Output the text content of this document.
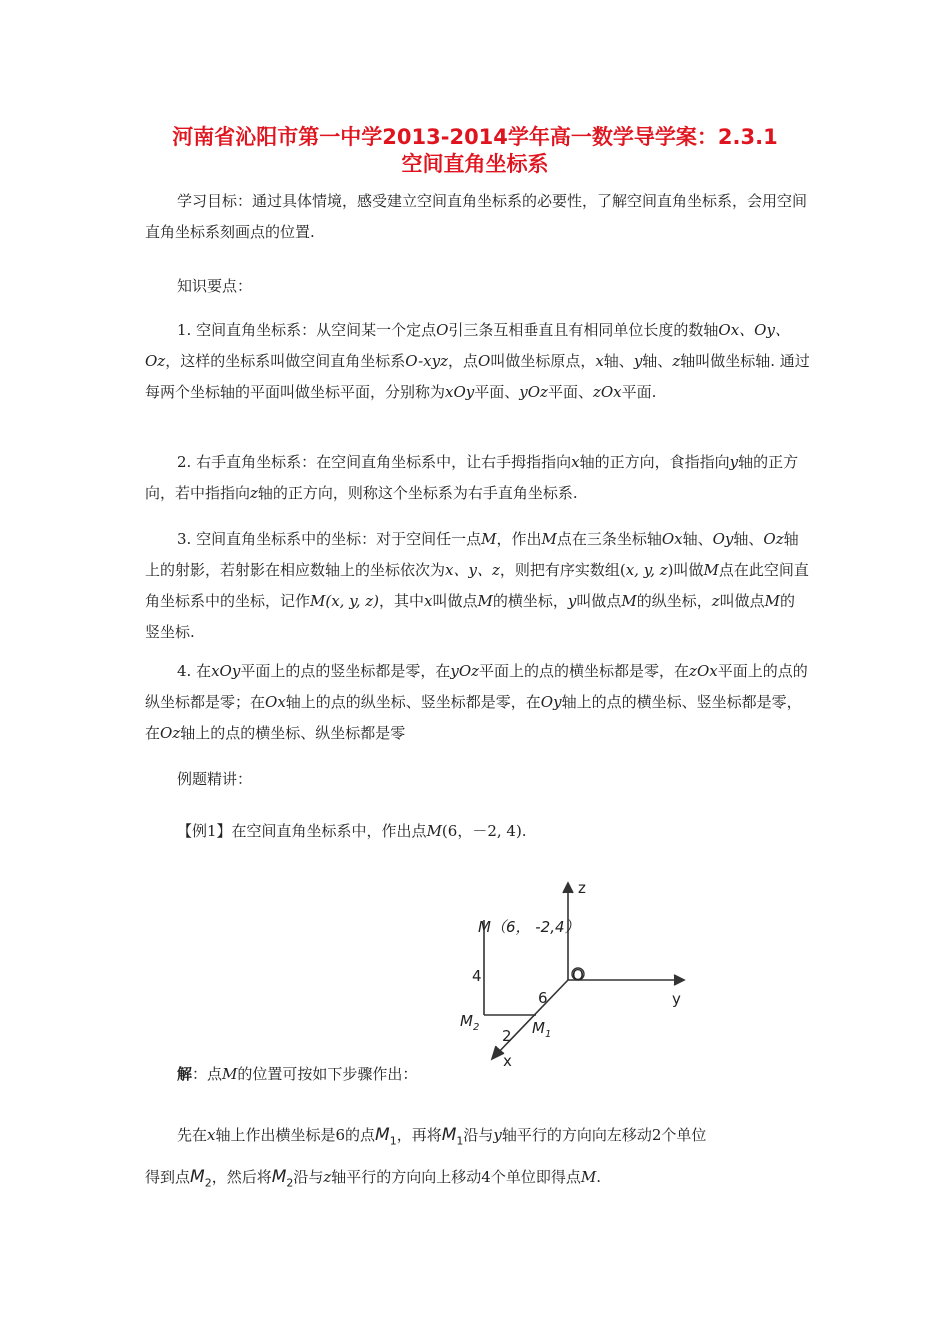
河南省沁阳市第一中学2013-2014学年高一数学导学案：2.3.1
空间直角坐标系

学习目标：通过具体情境，感受建立空间直角坐标系的必要性，了解空间直角坐标系，会用空间直角坐标系刻画点的位置.

知识要点：

1. 空间直角坐标系：从空间某一个定点O引三条互相垂直且有相同单位长度的数轴Ox、Oy、Oz，这样的坐标系叫做空间直角坐标系O-xyz，点O叫做坐标原点，x轴、y轴、z轴叫做坐标轴. 通过每两个坐标轴的平面叫做坐标平面，分别称为xOy平面、yOz平面、zOx平面.

2. 右手直角坐标系：在空间直角坐标系中，让右手拇指指向x轴的正方向，食指指向y轴的正方向，若中指指向z轴的正方向，则称这个坐标系为右手直角坐标系.

3. 空间直角坐标系中的坐标：对于空间任一点M，作出M点在三条坐标轴Ox轴、Oy轴、Oz轴上的射影，若射影在相应数轴上的坐标依次为x、y、z，则把有序实数组(x, y, z)叫做M点在此空间直角坐标系中的坐标，记作M(x, y, z)，其中x叫做点M的横坐标，y叫做点M的纵坐标，z叫做点M的竖坐标.

4. 在xOy平面上的点的竖坐标都是零，在yOz平面上的点的横坐标都是零，在zOx平面上的点的纵坐标都是零；在Ox轴上的点的纵坐标、竖坐标都是零，在Oy轴上的点的横坐标、竖坐标都是零，在Oz轴上的点的横坐标、纵坐标都是零

例题精讲：
【例1】在空间直角坐标系中，作出点M(6，－2, 4).
z
y
x
O
M（6， -2,4）
4
6
2
$M_2$	$M_1$
解：点M的位置可按如下步骤作出：
先在x轴上作出横坐标是6的点$M_1$，再将$M_1$沿与y轴平行的方向向左移动2个单位
得到点$M_2$，然后将$M_2$沿与z轴平行的方向向上移动4个单位即得点M.
